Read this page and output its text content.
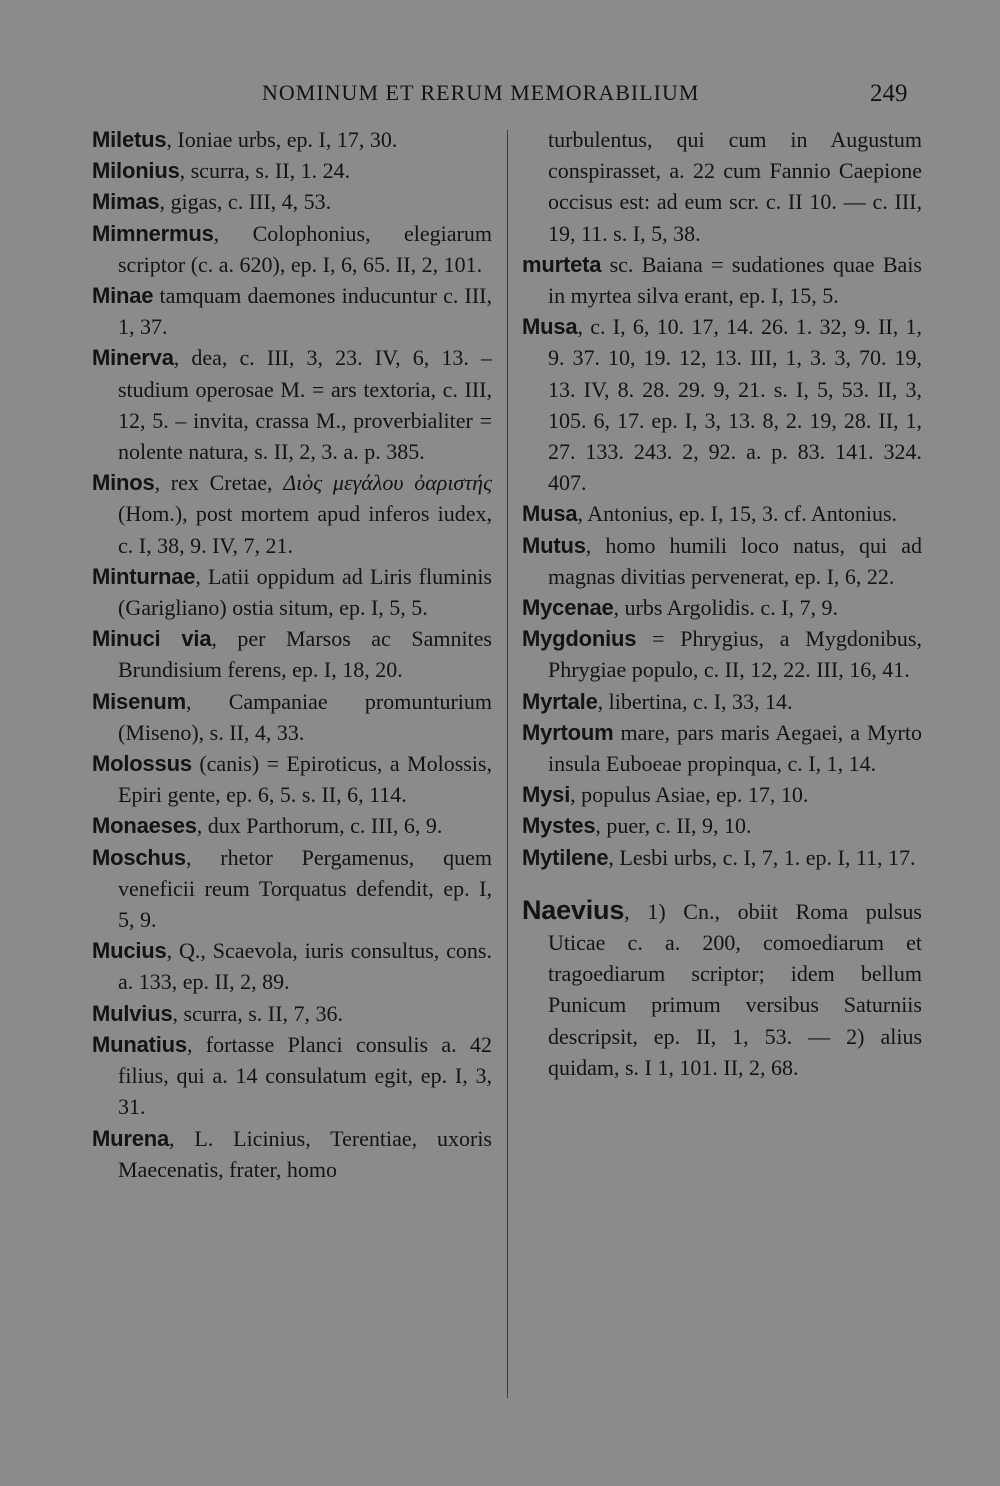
NOMINUM ET RERUM MEMORABILIUM	249

Miletus, Ioniae urbs, ep. I, 17, 30.

Milonius, scurra, s. II, 1. 24.

Mimas, gigas, c. III, 4, 53.

Mimnermus, Colophonius, elegiarum scriptor (c. a. 620), ep. I, 6, 65. II, 2, 101.

Minae tamquam daemones inducuntur c. III, 1, 37.

Minerva, dea, c. III, 3, 23. IV, 6, 13. – studium operosae M. = ars textoria, c. III, 12, 5. – invita, crassa M., proverbialiter = nolente natura, s. II, 2, 3. a. p. 385.

Minos, rex Cretae, Διὸς μεγάλου ὀαριστής (Hom.), post mortem apud inferos iudex, c. I, 38, 9. IV, 7, 21.

Minturnae, Latii oppidum ad Liris fluminis (Garigliano) ostia situm, ep. I, 5, 5.

Minuci via, per Marsos ac Samnites Brundisium ferens, ep. I, 18, 20.

Misenum, Campaniae promunturium (Miseno), s. II, 4, 33.

Molossus (canis) = Epiroticus, a Molossis, Epiri gente, ep. 6, 5. s. II, 6, 114.

Monaeses, dux Parthorum, c. III, 6, 9.

Moschus, rhetor Pergamenus, quem veneficii reum Torquatus defendit, ep. I, 5, 9.

Mucius, Q., Scaevola, iuris consultus, cons. a. 133, ep. II, 2, 89.

Mulvius, scurra, s. II, 7, 36.

Munatius, fortasse Planci consulis a. 42 filius, qui a. 14 consulatum egit, ep. I, 3, 31.

Murena, L. Licinius, Terentiae, uxoris Maecenatis, frater, homo

turbulentus, qui cum in Augustum conspirasset, a. 22 cum Fannio Caepione occisus est: ad eum scr. c. II 10. — c. III, 19, 11. s. I, 5, 38.

murteta sc. Baiana = sudationes quae Bais in myrtea silva erant, ep. I, 15, 5.

Musa, c. I, 6, 10. 17, 14. 26. 1. 32, 9. II, 1, 9. 37. 10, 19. 12, 13. III, 1, 3. 3, 70. 19, 13. IV, 8. 28. 29. 9, 21. s. I, 5, 53. II, 3, 105. 6, 17. ep. I, 3, 13. 8, 2. 19, 28. II, 1, 27. 133. 243. 2, 92. a. p. 83. 141. 324. 407.

Musa, Antonius, ep. I, 15, 3. cf. Antonius.

Mutus, homo humili loco natus, qui ad magnas divitias pervenerat, ep. I, 6, 22.

Mycenae, urbs Argolidis. c. I, 7, 9.

Mygdonius = Phrygius, a Mygdonibus, Phrygiae populo, c. II, 12, 22. III, 16, 41.

Myrtale, libertina, c. I, 33, 14.

Myrtoum mare, pars maris Aegaei, a Myrto insula Euboeae propinqua, c. I, 1, 14.

Mysi, populus Asiae, ep. 17, 10.

Mystes, puer, c. II, 9, 10.

Mytilene, Lesbi urbs, c. I, 7, 1. ep. I, 11, 17.

Naevius, 1) Cn., obiit Roma pulsus Uticae c. a. 200, comoediarum et tragoediarum scriptor; idem bellum Punicum primum versibus Saturniis descripsit, ep. II, 1, 53. — 2) alius quidam, s. I 1, 101. II, 2, 68.
